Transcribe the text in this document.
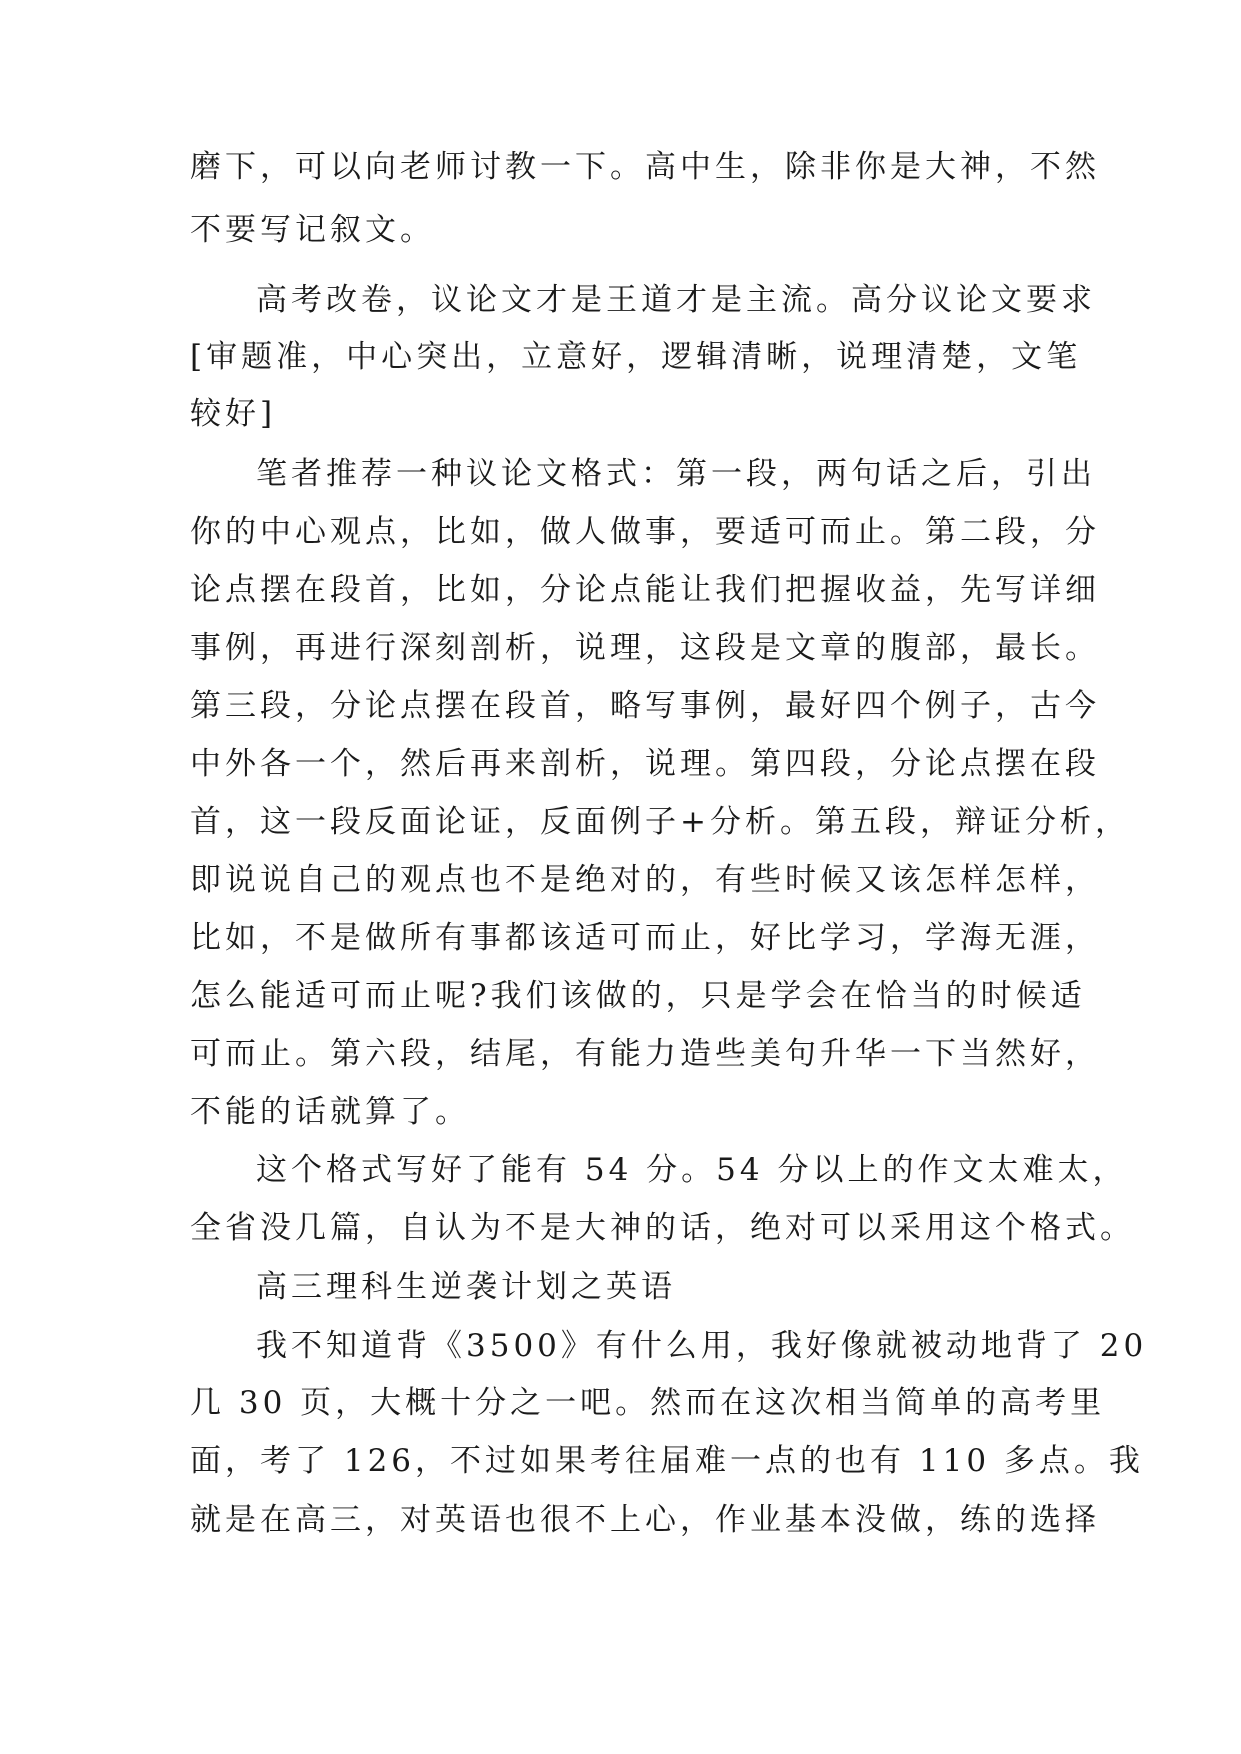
磨下，可以向老师讨教一下。高中生，除非你是大神，不然
不要写记叙文。
高考改卷，议论文才是王道才是主流。高分议论文要求
[审题准，中心突出，立意好，逻辑清晰，说理清楚，文笔
较好]
笔者推荐一种议论文格式：第一段，两句话之后，引出
你的中心观点，比如，做人做事，要适可而止。第二段，分
论点摆在段首，比如，分论点能让我们把握收益，先写详细
事例，再进行深刻剖析，说理，这段是文章的腹部，最长。
第三段，分论点摆在段首，略写事例，最好四个例子，古今
中外各一个，然后再来剖析，说理。第四段，分论点摆在段
首，这一段反面论证，反面例子+分析。第五段，辩证分析，
即说说自己的观点也不是绝对的，有些时候又该怎样怎样，
比如，不是做所有事都该适可而止，好比学习，学海无涯，
怎么能适可而止呢?我们该做的，只是学会在恰当的时候适
可而止。第六段，结尾，有能力造些美句升华一下当然好，
不能的话就算了。
这个格式写好了能有 54 分。54 分以上的作文太难太，
全省没几篇，自认为不是大神的话，绝对可以采用这个格式。
高三理科生逆袭计划之英语
我不知道背《3500》有什么用，我好像就被动地背了 20
几 30 页，大概十分之一吧。然而在这次相当简单的高考里
面，考了 126，不过如果考往届难一点的也有 110 多点。我
就是在高三，对英语也很不上心，作业基本没做，练的选择
